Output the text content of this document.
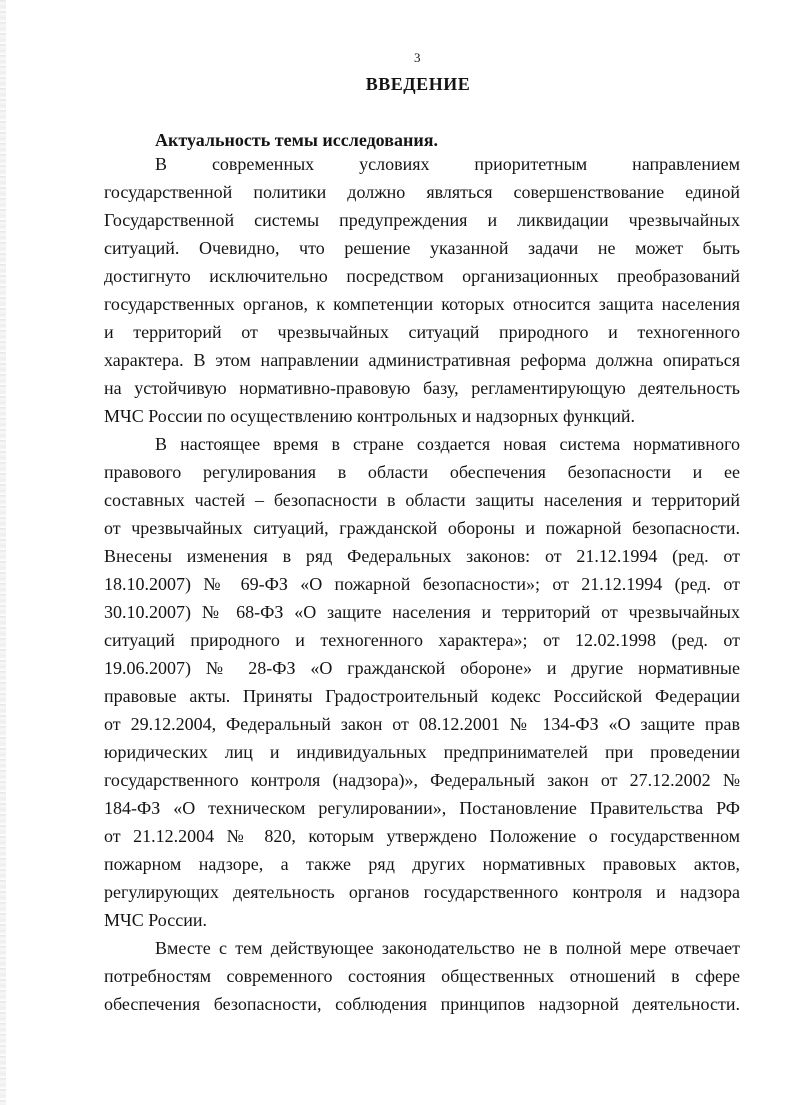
3
ВВЕДЕНИЕ
Актуальность темы исследования.
В современных условиях приоритетным направлением
государственной политики должно являться совершенствование единой
Государственной системы предупреждения и ликвидации чрезвычайных
ситуаций. Очевидно, что решение указанной задачи не может быть
достигнуто исключительно посредством организационных преобразований
государственных органов, к компетенции которых относится защита населения
и территорий от чрезвычайных ситуаций природного и техногенного
характера. В этом направлении административная реформа должна опираться
на устойчивую нормативно-правовую базу, регламентирующую деятельность
МЧС России по осуществлению контрольных и надзорных функций.
В настоящее время в стране создается новая система нормативного
правового регулирования в области обеспечения безопасности и ее
составных частей – безопасности в области защиты населения и территорий
от чрезвычайных ситуаций, гражданской обороны и пожарной безопасности.
Внесены изменения в ряд Федеральных законов: от 21.12.1994 (ред. от
18.10.2007) № 69-ФЗ «О пожарной безопасности»; от 21.12.1994 (ред. от
30.10.2007) № 68-ФЗ «О защите населения и территорий от чрезвычайных
ситуаций природного и техногенного характера»; от 12.02.1998 (ред. от
19.06.2007) № 28-ФЗ «О гражданской обороне» и другие нормативные
правовые акты. Приняты Градостроительный кодекс Российской Федерации
от 29.12.2004, Федеральный закон от 08.12.2001 № 134-ФЗ «О защите прав
юридических лиц и индивидуальных предпринимателей при проведении
государственного контроля (надзора)», Федеральный закон от 27.12.2002 №
184-ФЗ «О техническом регулировании», Постановление Правительства РФ
от 21.12.2004 № 820, которым утверждено Положение о государственном
пожарном надзоре, а также ряд других нормативных правовых актов,
регулирующих деятельность органов государственного контроля и надзора
МЧС России.
Вместе с тем действующее законодательство не в полной мере отвечает
потребностям современного состояния общественных отношений в сфере
обеспечения безопасности, соблюдения принципов надзорной деятельности.
